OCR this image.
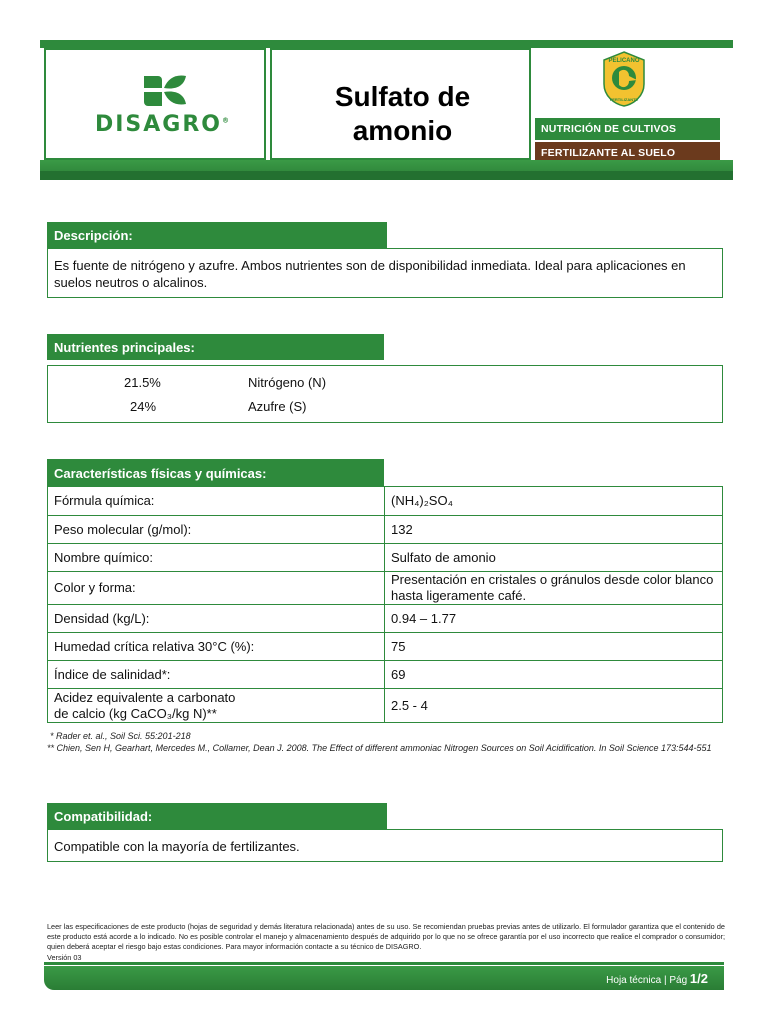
DISAGRO®
Sulfato de
amonio
PELICANO
FERTILIZANTE
NUTRICIÓN DE CULTIVOS
FERTILIZANTE AL SUELO
Descripción:
Es fuente de nitrógeno y azufre. Ambos nutrientes son de disponibilidad inmediata. Ideal para aplicaciones en suelos neutros o alcalinos.
Nutrientes principales:
21.5%	Nitrógeno (N)
24%	Azufre (S)
Características físicas y químicas:
Fórmula química:	(NH₄)₂SO₄
Peso molecular (g/mol):	132
Nombre químico:	Sulfato de amonio
Color y forma:	Presentación en cristales o gránulos desde color blanco hasta ligeramente café.
Densidad (kg/L):	0.94 – 1.77
Humedad crítica relativa 30°C (%):	75
Índice de salinidad*:	69

Acidez equivalente a carbonato
de calcio (kg CaCO₃/kg N)**	2.5 - 4
* Rader et. al., Soil Sci. 55:201-218
** Chien, Sen H, Gearhart, Mercedes M., Collamer, Dean J. 2008. The Effect of different ammoniac Nitrogen Sources on Soil Acidification. In Soil Science 173:544-551
Compatibilidad:
Compatible con la mayoría de fertilizantes.
Leer las especificaciones de este producto (hojas de seguridad y demás literatura relacionada) antes de su uso. Se recomiendan pruebas previas antes de utilizarlo. El formulador garantiza que el contenido de este producto está acorde a lo indicado. No es posible controlar el manejo y almacenamiento después de adquirido por lo que no se ofrece garantía por el uso incorrecto que realice el comprador o consumidor; quien deberá aceptar el riesgo bajo estas condiciones. Para mayor información contacte a su técnico de DISAGRO.
Versión 03
Hoja técnica | Pág 1/2
